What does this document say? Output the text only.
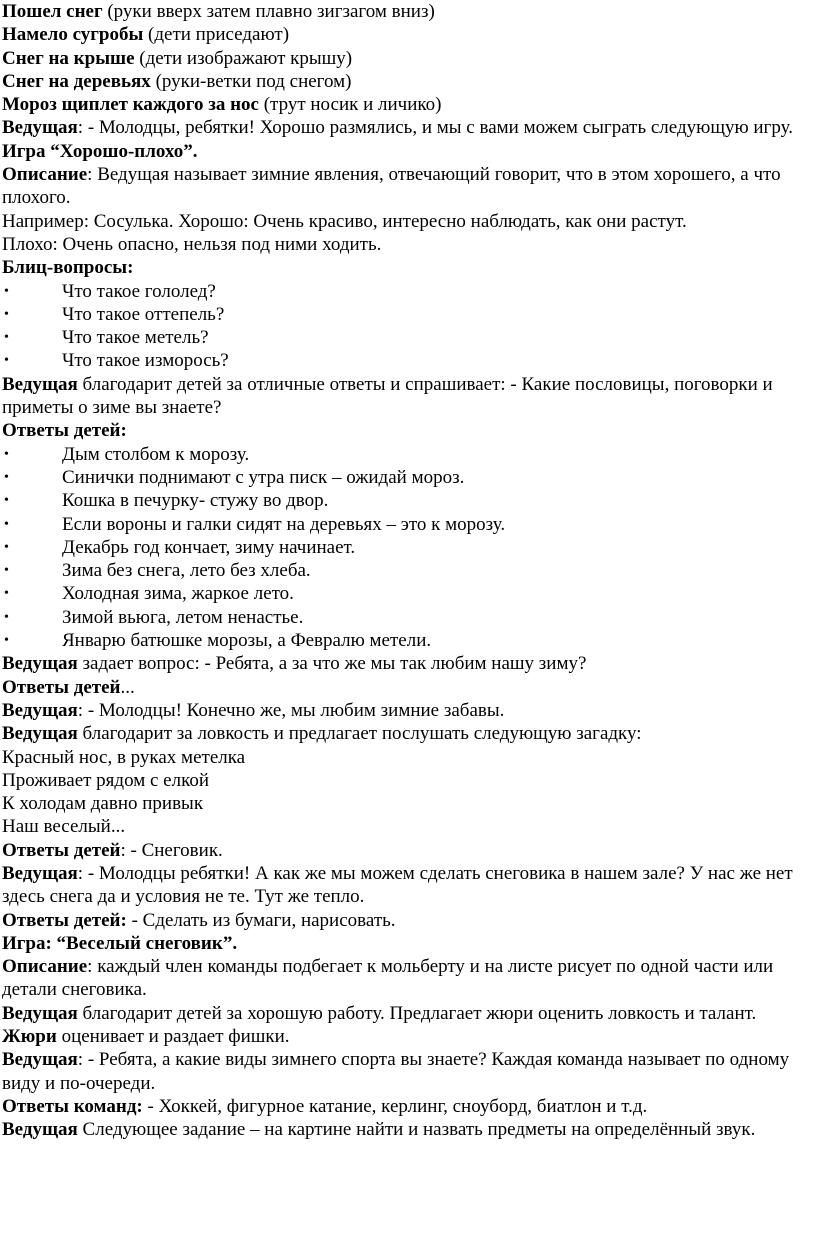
Пошел снег (руки вверх затем плавно зигзагом вниз)

Намело сугробы (дети приседают)

Снег на крыше (дети изображают крышу)

Снег на деревьях (руки-ветки под снегом)

Мороз щиплет каждого за нос (трут носик и личико)

Ведущая: - Молодцы, ребятки! Хорошо размялись, и мы с вами можем сыграть следующую игру.

Игра “Хорошо-плохо”.

Описание: Ведущая называет зимние явления, отвечающий говорит, что в этом хорошего, а что плохого.

Например: Сосулька. Хорошо: Очень красиво, интересно наблюдать, как они растут.

Плохо: Очень опасно, нельзя под ними ходить.

Блиц-вопросы:

• Что такое гололед?
• Что такое оттепель?
• Что такое метель?
• Что такое изморось?

Ведущая благодарит детей за отличные ответы и спрашивает: - Какие пословицы, поговорки и приметы о зиме вы знаете?

Ответы детей:

• Дым столбом к морозу.
• Синички поднимают с утра писк – ожидай мороз.
• Кошка в печурку- стужу во двор.
• Если вороны и галки сидят на деревьях – это к морозу.
• Декабрь год кончает, зиму начинает.
• Зима без снега, лето без хлеба.
• Холодная зима, жаркое лето.
• Зимой вьюга, летом ненастье.
• Январю батюшке морозы, а Февралю метели.

Ведущая задает вопрос: - Ребята, а за что же мы так любим нашу зиму?

Ответы детей...

Ведущая: - Молодцы! Конечно же, мы любим зимние забавы.

Ведущая благодарит за ловкость и предлагает послушать следующую загадку:

Красный нос, в руках метелка

Проживает рядом с елкой

К холодам давно привык

Наш веселый...

Ответы детей: - Снеговик.

Ведущая: - Молодцы ребятки! А как же мы можем сделать снеговика в нашем зале? У нас же нет здесь снега да и условия не те. Тут же тепло.

Ответы детей: - Сделать из бумаги, нарисовать.

Игра: “Веселый снеговик”.

Описание: каждый член команды подбегает к мольберту и на листе рисует по одной части или детали снеговика.

Ведущая благодарит детей за хорошую работу. Предлагает жюри оценить ловкость и талант.

Жюри оценивает и раздает фишки.

Ведущая: - Ребята, а какие виды зимнего спорта вы знаете? Каждая команда называет по одному виду и по-очереди.

Ответы команд: - Хоккей, фигурное катание, керлинг, сноуборд, биатлон и т.д.

Ведущая Следующее задание – на картине найти и назвать предметы на определённый звук.
